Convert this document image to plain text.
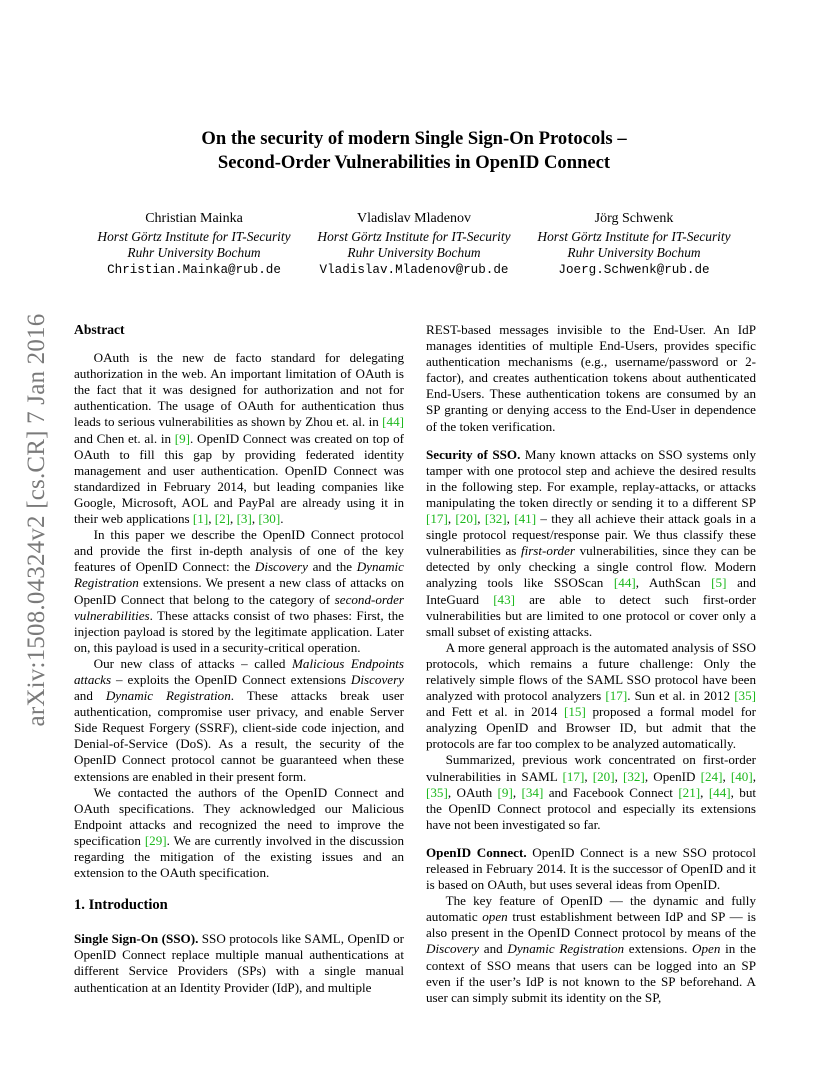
arXiv:1508.04324v2 [cs.CR] 7 Jan 2016
On the security of modern Single Sign-On Protocols –
Second-Order Vulnerabilities in OpenID Connect
Christian Mainka
Horst Görtz Institute for IT-Security
Ruhr University Bochum
Christian.Mainka@rub.de
Vladislav Mladenov
Horst Görtz Institute for IT-Security
Ruhr University Bochum
Vladislav.Mladenov@rub.de
Jörg Schwenk
Horst Görtz Institute for IT-Security
Ruhr University Bochum
Joerg.Schwenk@rub.de
Abstract

OAuth is the new de facto standard for delegating authorization in the web. An important limitation of OAuth is the fact that it was designed for authorization and not for authentication. The usage of OAuth for authentication thus leads to serious vulnerabilities as shown by Zhou et. al. in [44] and Chen et. al. in [9]. OpenID Connect was created on top of OAuth to fill this gap by providing federated identity management and user authentication. OpenID Connect was standardized in February 2014, but leading companies like Google, Microsoft, AOL and PayPal are already using it in their web applications [1], [2], [3], [30].

In this paper we describe the OpenID Connect protocol and provide the first in-depth analysis of one of the key features of OpenID Connect: the Discovery and the Dynamic Registration extensions. We present a new class of attacks on OpenID Connect that belong to the category of second-order vulnerabilities. These attacks consist of two phases: First, the injection payload is stored by the legitimate application. Later on, this payload is used in a security-critical operation.

Our new class of attacks – called Malicious Endpoints attacks – exploits the OpenID Connect extensions Discovery and Dynamic Registration. These attacks break user authentication, compromise user privacy, and enable Server Side Request Forgery (SSRF), client-side code injection, and Denial-of-Service (DoS). As a result, the security of the OpenID Connect protocol cannot be guaranteed when these extensions are enabled in their present form.

We contacted the authors of the OpenID Connect and OAuth specifications. They acknowledged our Malicious Endpoint attacks and recognized the need to improve the specification [29]. We are currently involved in the discussion regarding the mitigation of the existing issues and an extension to the OAuth specification.

1. Introduction

Single Sign-On (SSO). SSO protocols like SAML, OpenID or OpenID Connect replace multiple manual authentications at different Service Providers (SPs) with a single manual authentication at an Identity Provider (IdP), and multiple

REST-based messages invisible to the End-User. An IdP manages identities of multiple End-Users, provides specific authentication mechanisms (e.g., username/password or 2-factor), and creates authentication tokens about authenticated End-Users. These authentication tokens are consumed by an SP granting or denying access to the End-User in dependence of the token verification.

Security of SSO. Many known attacks on SSO systems only tamper with one protocol step and achieve the desired results in the following step. For example, replay-attacks, or attacks manipulating the token directly or sending it to a different SP [17], [20], [32], [41] – they all achieve their attack goals in a single protocol request/response pair. We thus classify these vulnerabilities as first-order vulnerabilities, since they can be detected by only checking a single control flow. Modern analyzing tools like SSOScan [44], AuthScan [5] and InteGuard [43] are able to detect such first-order vulnerabilities but are limited to one protocol or cover only a small subset of existing attacks.

A more general approach is the automated analysis of SSO protocols, which remains a future challenge: Only the relatively simple flows of the SAML SSO protocol have been analyzed with protocol analyzers [17]. Sun et al. in 2012 [35] and Fett et al. in 2014 [15] proposed a formal model for analyzing OpenID and Browser ID, but admit that the protocols are far too complex to be analyzed automatically.

Summarized, previous work concentrated on first-order vulnerabilities in SAML [17], [20], [32], OpenID [24], [40], [35], OAuth [9], [34] and Facebook Connect [21], [44], but the OpenID Connect protocol and especially its extensions have not been investigated so far.

OpenID Connect. OpenID Connect is a new SSO protocol released in February 2014. It is the successor of OpenID and it is based on OAuth, but uses several ideas from OpenID.

The key feature of OpenID — the dynamic and fully automatic open trust establishment between IdP and SP — is also present in the OpenID Connect protocol by means of the Discovery and Dynamic Registration extensions. Open in the context of SSO means that users can be logged into an SP even if the user’s IdP is not known to the SP beforehand. A user can simply submit its identity on the SP,
